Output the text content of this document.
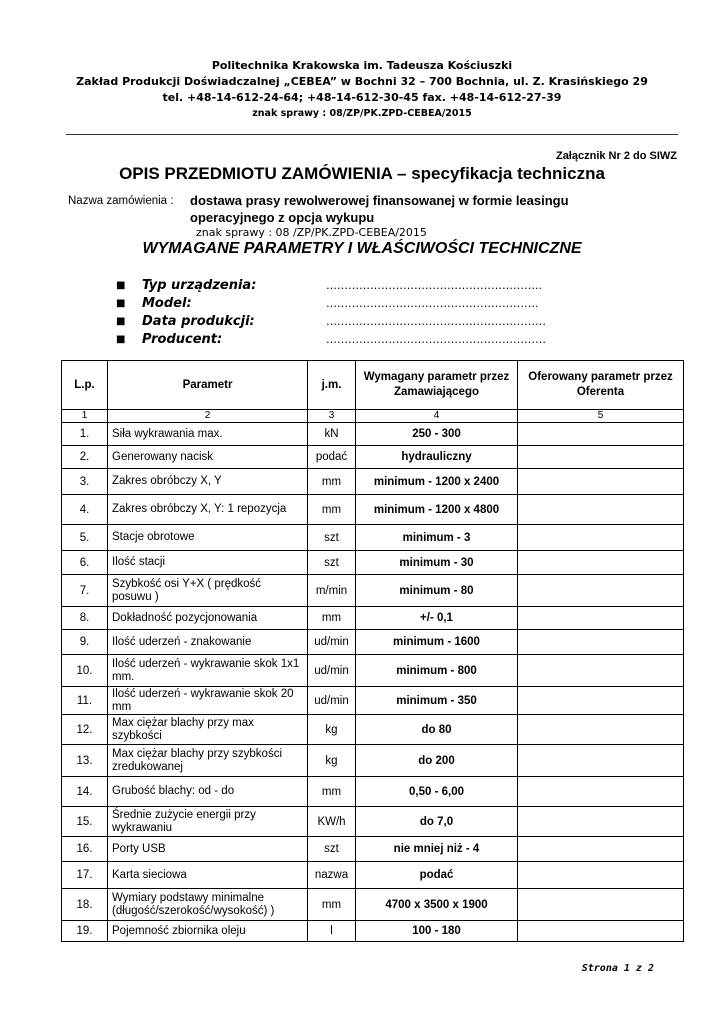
Politechnika Krakowska im. Tadeusza Kościuszki
Zakład Produkcji Doświadczalnej „CEBEA” w Bochni 32 – 700 Bochnia, ul. Z. Krasińskiego 29
tel. +48-14-612-24-64; +48-14-612-30-45 fax. +48-14-612-27-39
znak sprawy : 08/ZP/PK.ZPD-CEBEA/2015
Załącznik Nr 2 do SIWZ
OPIS PRZEDMIOTU ZAMÓWIENIA – specyfikacja techniczna
Nazwa zamówienia : dostawa prasy rewolwerowej finansowanej w formie leasingu operacyjnego z opcja wykupu
znak sprawy : 08 /ZP/PK.ZPD-CEBEA/2015
WYMAGANE PARAMETRY I WŁAŚCIWOŚCI TECHNICZNE
■ Typ urządzenia:	…………………………………………………..
■ Model:	………………………………………………….
■ Data produkcji:	……………………………………………………
■ Producent:	……………………………………………………
L.p.	Parametr	j.m.	Wymagany parametr przez Zamawiającego	Oferowany parametr przez Oferenta
1	2	3	4	5
1.	Siła wykrawania max.	kN	250 - 300	
2.	Generowany nacisk	podać	hydrauliczny	
3.	Zakres obróbczy X, Y	mm	minimum - 1200 x 2400	
4.	Zakres obróbczy X, Y: 1 repozycja	mm	minimum - 1200 x 4800	
5.	Stacje obrotowe	szt	minimum - 3	
6.	Ilość stacji	szt	minimum - 30	
7.	Szybkość osi Y+X ( prędkość posuwu )	m/min	minimum - 80	
8.	Dokładność pozycjonowania	mm	+/- 0,1	
9.	Ilość uderzeń - znakowanie	ud/min	minimum - 1600	
10.	Ilość uderzeń - wykrawanie skok 1x1 mm.	ud/min	minimum - 800	
11.	Ilość uderzeń - wykrawanie skok 20 mm	ud/min	minimum - 350	
12.	Max ciężar blachy przy max szybkości	kg	do 80	
13.	Max ciężar blachy przy szybkości zredukowanej	kg	do 200	
14.	Grubość blachy: od - do	mm	0,50 - 6,00	
15.	Średnie zużycie energii przy wykrawaniu	KW/h	do 7,0	
16.	Porty USB	szt	nie mniej niż - 4	
17.	Karta sieciowa	nazwa	podać	
18.	Wymiary podstawy minimalne (długość/szerokość/wysokość) )	mm	4700 x 3500 x 1900	
19.	Pojemność zbiornika oleju	l	100 - 180	
Strona 1 z 2
